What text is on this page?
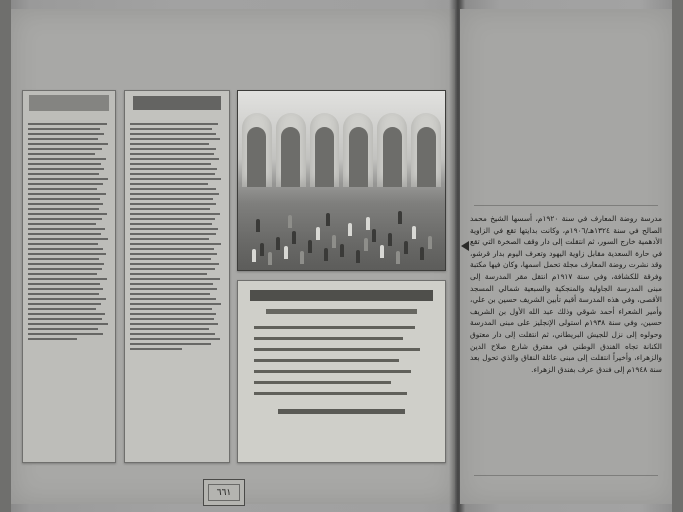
٦٦١
مدرسة روضة المعارف في سنة ١٩٢٠م، أسسها الشيخ محمد الصالح في سنة ١٣٢٤هـ/١٩٠٦م، وكانت بدايتها تقع في الزاوية الأدهمية خارج السور، ثم انتقلت إلى دار وقف الصخرة التي تقع في حارة السعدية مقابل زاوية اليهود وتعرف اليوم بدار قرشو، وقد نشرت روضة المعارف مجلة تحمل اسمها، وكان فيها مكتبة وفرقة للكشافة، وفي سنة ١٩١٧م انتقل مقر المدرسة إلى مبنى المدرسة الجاولية والمنجكية والسبعية شمالي المسجد الأقصى، وفي هذه المدرسة أقيم تأبين الشريف حسين بن علي، وأمير الشعراء أحمد شوقي وذلك عبد الله الأول بن الشريف حسين، وفي سنة ١٩٣٨م استولى الإنجليز على مبنى المدرسة وحولوه إلى نزل للجيش البريطاني، ثم انتقلت إلى دار معتوق الكنانة تجاه الفندق الوطني في مفترق شارع صلاح الدين والزهراء، وأخيراً انتقلت إلى مبنى عائلة النقاق والذي تحول بعد سنة ١٩٤٨م إلى فندق عرف بفندق الزهراء.
